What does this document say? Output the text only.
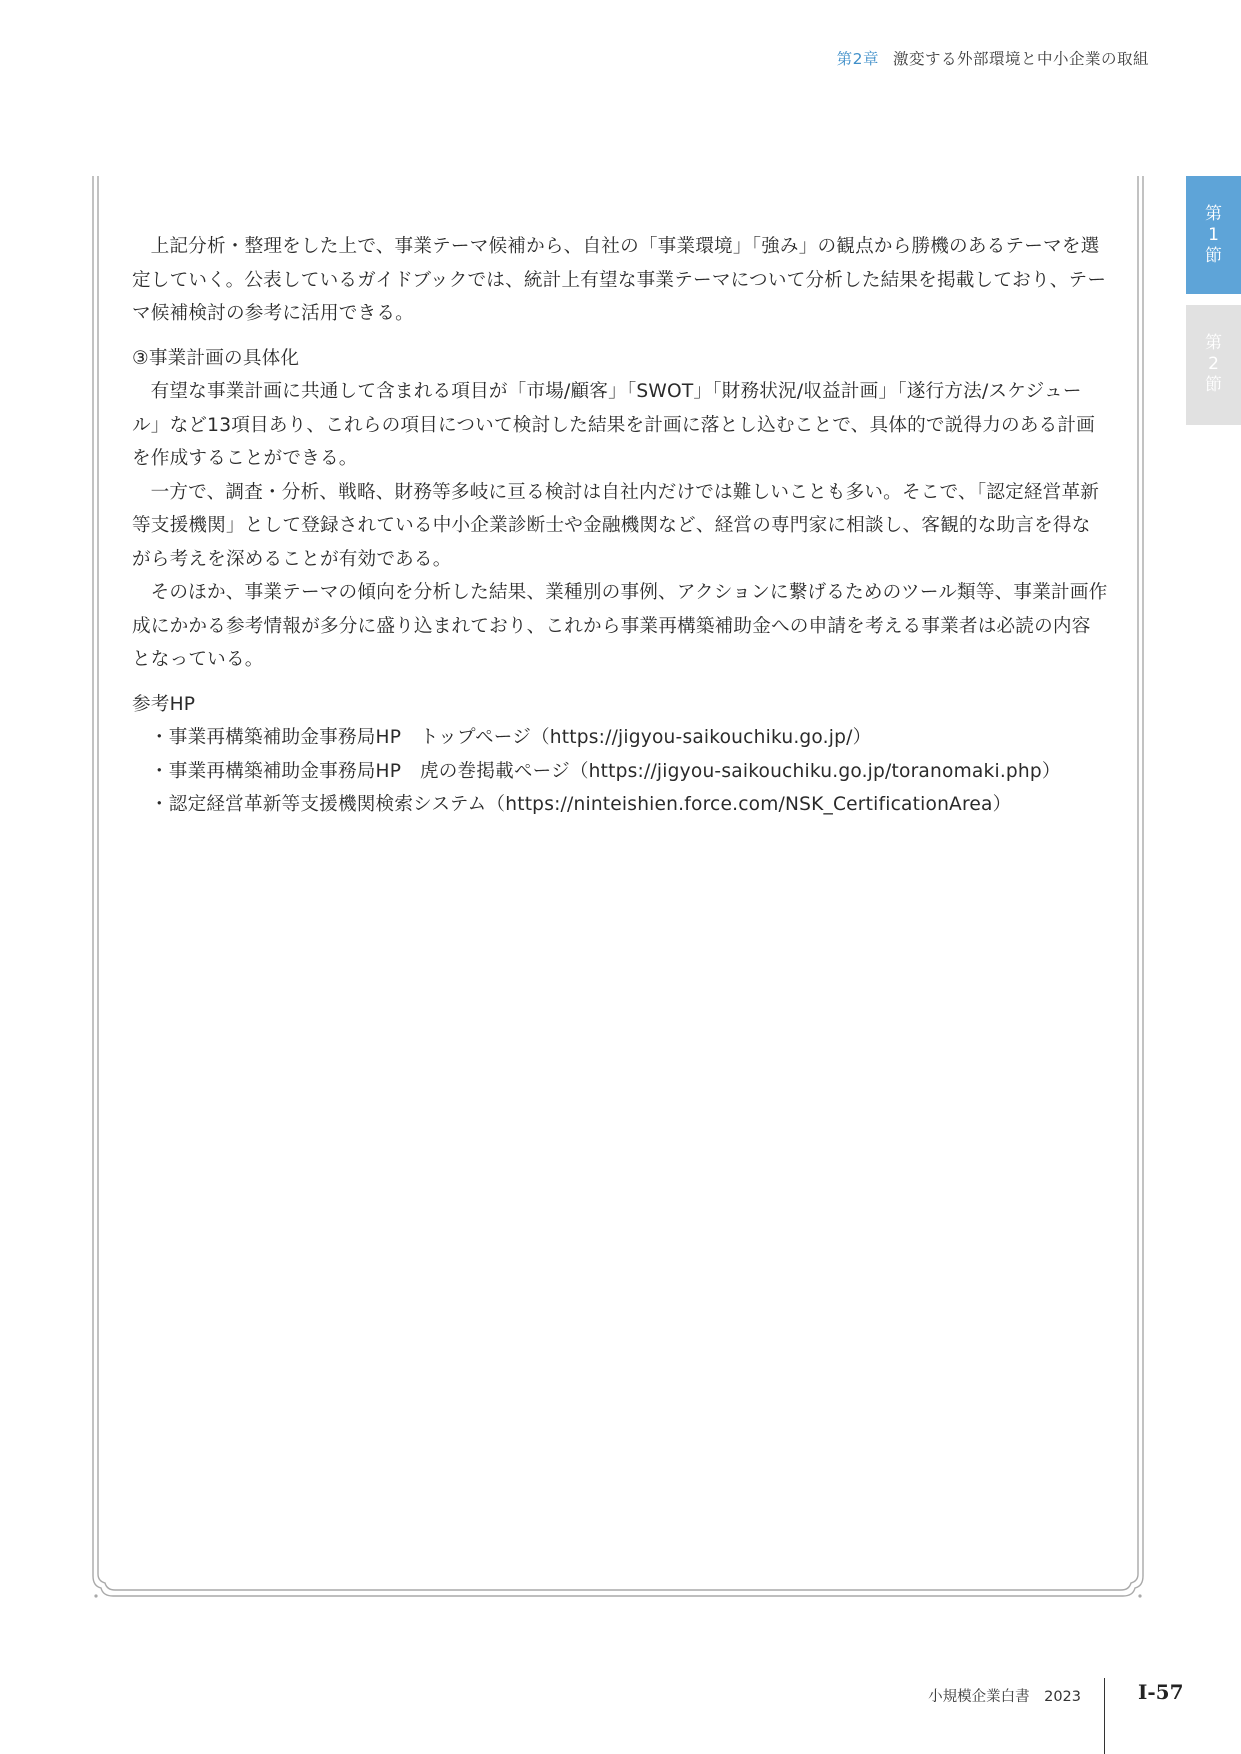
第2章 激変する外部環境と中小企業の取組
第
1
節
第
2
節

上記分析・整理をした上で、事業テーマ候補から、自社の「事業環境」「強み」の観点から勝機のあるテーマを選定していく。公表しているガイドブックでは、統計上有望な事業テーマについて分析した結果を掲載しており、テーマ候補検討の参考に活用できる。

③事業計画の具体化

有望な事業計画に共通して含まれる項目が「市場/顧客」「SWOT」「財務状況/収益計画」「遂行方法/スケジュール」など13項目あり、これらの項目について検討した結果を計画に落とし込むことで、具体的で説得力のある計画を作成することができる。

一方で、調査・分析、戦略、財務等多岐に亘る検討は自社内だけでは難しいことも多い。そこで、「認定経営革新等支援機関」として登録されている中小企業診断士や金融機関など、経営の専門家に相談し、客観的な助言を得ながら考えを深めることが有効である。

そのほか、事業テーマの傾向を分析した結果、業種別の事例、アクションに繋げるためのツール類等、事業計画作成にかかる参考情報が多分に盛り込まれており、これから事業再構築補助金への申請を考える事業者は必読の内容となっている。

参考HP

・事業再構築補助金事務局HP　トップページ（https://jigyou-saikouchiku.go.jp/）
・事業再構築補助金事務局HP　虎の巻掲載ページ（https://jigyou-saikouchiku.go.jp/toranomaki.php）
・認定経営革新等支援機関検索システム（https://ninteishien.force.com/NSK_CertificationArea）
小規模企業白書　2023	I-57
